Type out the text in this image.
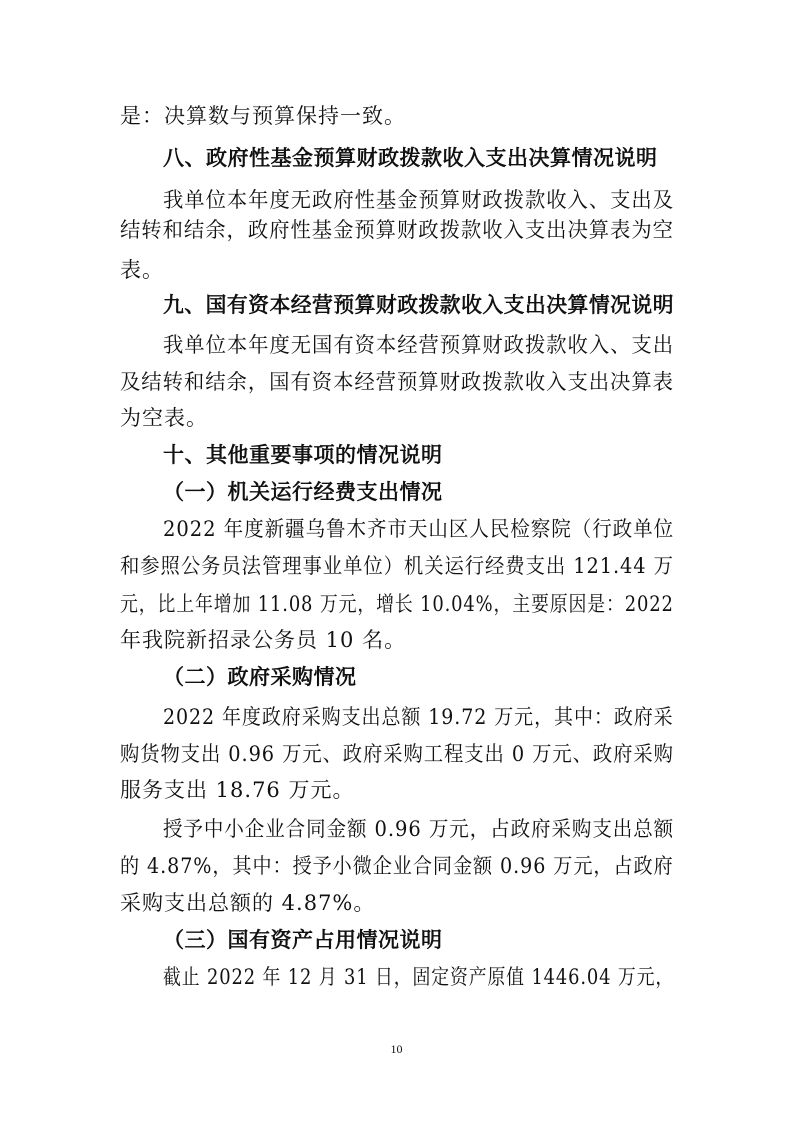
是：决算数与预算保持一致。
八、政府性基金预算财政拨款收入支出决算情况说明
我单位本年度无政府性基金预算财政拨款收入、支出及
结转和结余，政府性基金预算财政拨款收入支出决算表为空
表。
九、国有资本经营预算财政拨款收入支出决算情况说明
我单位本年度无国有资本经营预算财政拨款收入、支出
及结转和结余，国有资本经营预算财政拨款收入支出决算表
为空表。
十、其他重要事项的情况说明
（一）机关运行经费支出情况
2022 年度新疆乌鲁木齐市天山区人民检察院（行政单位
和参照公务员法管理事业单位）机关运行经费支出 121.44 万
元，比上年增加 11.08 万元，增长 10.04%，主要原因是：2022
年我院新招录公务员 10 名。
（二）政府采购情况
2022 年度政府采购支出总额 19.72 万元，其中：政府采
购货物支出 0.96 万元、政府采购工程支出 0 万元、政府采购
服务支出 18.76 万元。
授予中小企业合同金额 0.96 万元，占政府采购支出总额
的 4.87%，其中：授予小微企业合同金额 0.96 万元，占政府
采购支出总额的 4.87%。
（三）国有资产占用情况说明
截止 2022 年 12 月 31 日，固定资产原值 1446.04 万元，
10
